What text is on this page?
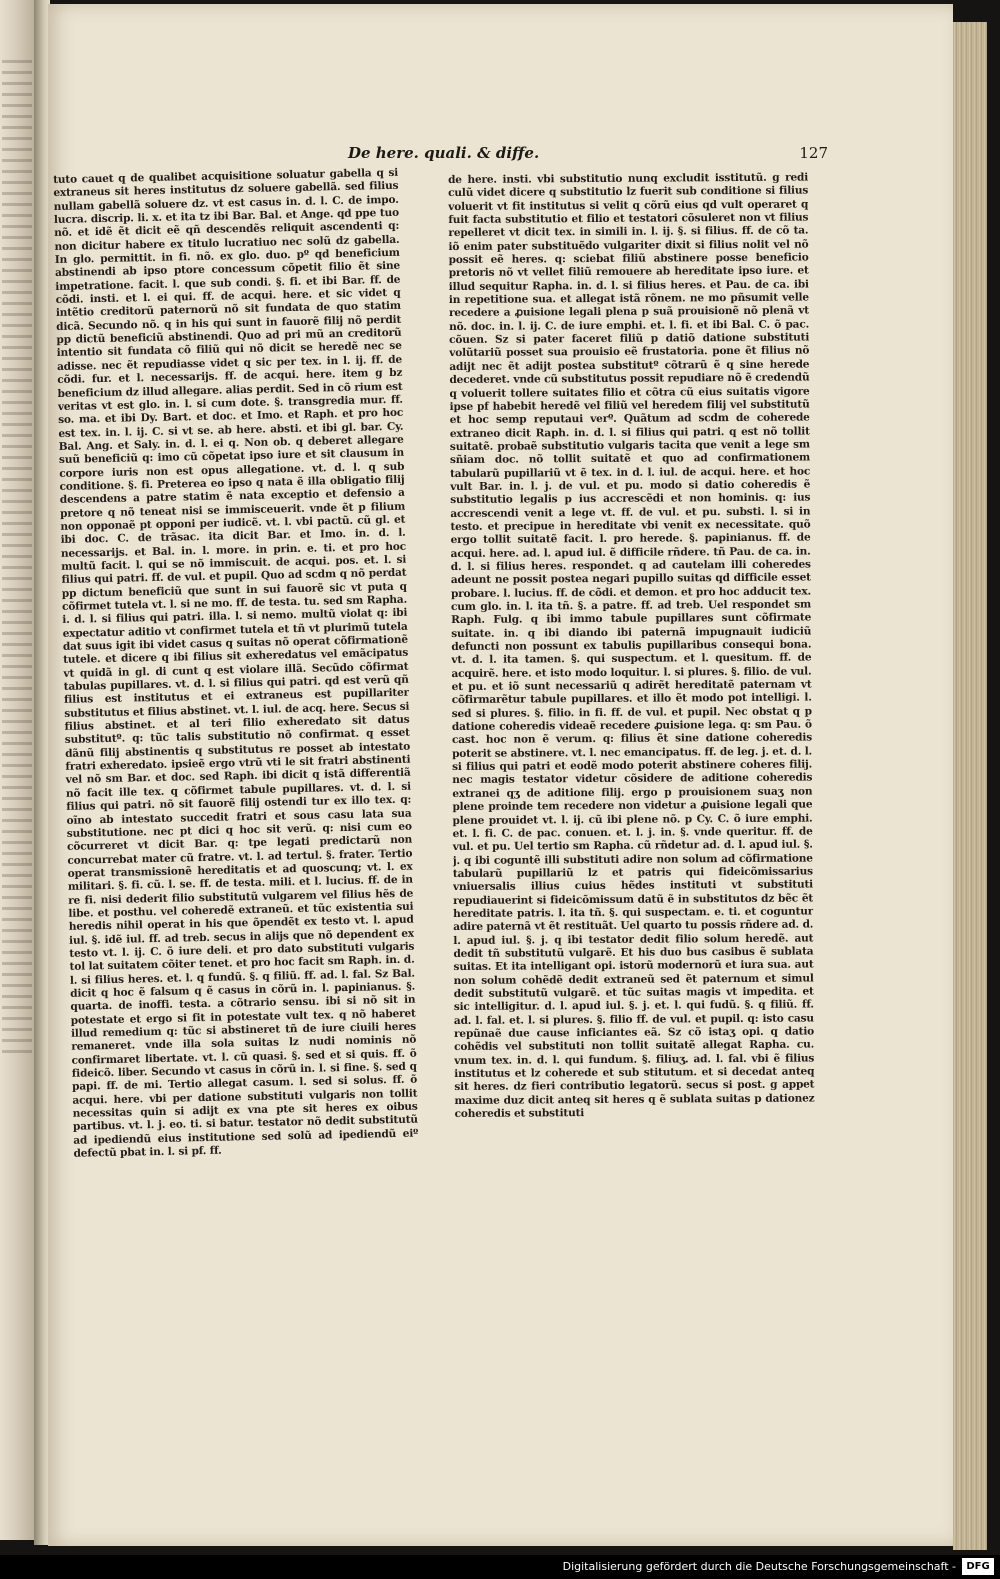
De here. quali. & diffe.	127

tuto cauet q de qualibet acquisitione soluatur gabella q si extraneus sit heres institutus dz soluere gabellã. sed filius nullam gabellã soluere dz. vt est casus in. d. l. C. de impo. lucra. discrip. li. x. et ita tz ibi Bar. Bal. et Ange. qd ppe tuo nõ. et idẽ ẽt dicit eẽ qñ descendẽs reliquit ascendenti q: non dicitur habere ex titulo lucratiuo nec solũ dz gabella. In glo. permittit. in fi. nõ. ex glo. duo. pº qd beneficium abstinendi ab ipso ptore concessum cõpetit filio ẽt sine impetratione. facit. l. que sub condi. §. fi. et ibi Bar. ff. de cõdi. insti. et l. ei qui. ff. de acqui. here. et sic videt q intẽtio creditorũ paternorũ nõ sit fundata de quo statim dicã. Secundo nõ. q in his qui sunt in fauorẽ filij nõ perdit pp dictũ beneficiũ abstinendi. Quo ad pri mũ an creditorũ intentio sit fundata cõ filiũ qui nõ dicit se heredẽ nec se adisse. nec ẽt repudiasse videt q sic per tex. in l. ij. ff. de cõdi. fur. et l. necessarijs. ff. de acqui. here. item g bz beneficium dz illud allegare. alias perdit. Sed in cõ rium est veritas vt est glo. in. l. si cum dote. §. transgredia mur. ff. so. ma. et ibi Dy. Bart. et doc. et Imo. et Raph. et pro hoc est tex. in. l. ij. C. si vt se. ab here. absti. et ibi gl. bar. Cy. Bal. Ang. et Saly. in. d. l. ei q. Non ob. q deberet allegare suũ beneficiũ q: imo cũ cõpetat ipso iure et sit clausum in corpore iuris non est opus allegatione. vt. d. l. q sub conditione. §. fi. Preterea eo ipso q nata ẽ illa obligatio filij descendens a patre statim ẽ nata exceptio et defensio a pretore q nõ teneat nisi se immisceuerit. vnde ẽt p filium non opponaẽ pt opponi per iudicẽ. vt. l. vbi pactũ. cũ gl. et ibi doc. C. de trãsac. ita dicit Bar. et Imo. in. d. l. necessarijs. et Bal. in. l. more. in prin. e. ti. et pro hoc multũ facit. l. qui se nõ immiscuit. de acqui. pos. et. l. si filius qui patri. ff. de vul. et pupil. Quo ad scdm q nõ perdat pp dictum beneficiũ que sunt in sui fauorẽ sic vt puta q cõfirmet tutela vt. l. si ne mo. ff. de testa. tu. sed sm Rapha. i. d. l. si filius qui patri. illa. l. si nemo. multũ violat q: ibi expectatur aditio vt confirmet tutela et tñ vt plurimũ tutela dat suus igit ibi videt casus q suitas nõ operat cõfirmationẽ tutele. et dicere q ibi filius sit exheredatus vel emãcipatus vt quidã in gl. di cunt q est violare illã. Secũdo cõfirmat tabulas pupillares. vt. d. l. si filius qui patri. qd est verũ qñ filius est institutus et ei extraneus est pupillariter substitutus et filius abstinet. vt. l. iul. de acq. here. Secus si filius abstinet. et al teri filio exheredato sit datus substitutº. q: tũc talis substitutio nõ confirmat. q esset dãnũ filij abstinentis q substitutus re posset ab intestato fratri exheredato. ipsieẽ ergo vtrũ vti le sit fratri abstinenti vel nõ sm Bar. et doc. sed Raph. ibi dicit q istã differentiã nõ facit ille tex. q cõfirmet tabule pupillares. vt. d. l. si filius qui patri. nõ sit fauorẽ filij ostendi tur ex illo tex. q: oĩno ab intestato succedit fratri et sous casu lata sua substitutione. nec pt dici q hoc sit verũ. q: nisi cum eo cõcurreret vt dicit Bar. q: tpe legati predictarũ non concurrebat mater cũ fratre. vt. l. ad tertul. §. frater. Tertio operat transmissionẽ hereditatis et ad quoscunq; vt. l. ex militari. §. fi. cũ. l. se. ff. de testa. mili. et l. lucius. ff. de in re fi. nisi dederit filio substitutũ vulgarem vel filius hẽs de libe. et posthu. vel coheredẽ extraneũ. et tũc existentia sui heredis nihil operat in his que õpendẽt ex testo vt. l. apud iul. §. idẽ iul. ff. ad treb. secus in alijs que nõ dependent ex testo vt. l. ij. C. õ iure deli. et pro dato substituti vulgaris tol lat suitatem cõiter tenet. et pro hoc facit sm Raph. in. d. l. si filius heres. et. l. q fundũ. §. q filiũ. ff. ad. l. fal. Sz Bal. dicit q hoc ẽ falsum q ẽ casus in cõrũ in. l. papinianus. §. quarta. de inoffi. testa. a cõtrario sensu. ibi si nõ sit in potestate et ergo si fit in potestate vult tex. q nõ haberet illud remedium q: tũc si abstineret tñ de iure ciuili heres remaneret. vnde illa sola suitas lz nudi nominis nõ confirmaret libertate. vt. l. cũ quasi. §. sed et si quis. ff. õ fideicõ. liber. Secundo vt casus in cõrũ in. l. si fine. §. sed q papi. ff. de mi. Tertio allegat casum. l. sed si solus. ff. õ acqui. here. vbi per datione substituti vulgaris non tollit necessitas quin si adijt ex vna pte sit heres ex oibus partibus. vt. l. j. eo. ti. si batur. testator nõ dedit substitutũ ad ipediendũ eius institutione sed solũ ad ipediendũ eiº defectũ pbat in. l. si pf. ff.

de here. insti. vbi substitutio nunq excludit isstitutũ. g redi culũ videt dicere q substitutio lz fuerit sub conditione si filius voluerit vt fit institutus si velit q cõrũ eius qd vult operaret q fuit facta substitutio et filio et testatori cõsuleret non vt filius repelleret vt dicit tex. in simili in. l. ij. §. si filius. ff. de cõ ta. iõ enim pater substituẽdo vulgariter dixit si filius nolit vel nõ possit eẽ heres. q: sciebat filiũ abstinere posse beneficio pretoris nõ vt vellet filiũ remouere ab hereditate ipso iure. et illud sequitur Rapha. in. d. l. si filius heres. et Pau. de ca. ibi in repetitione sua. et allegat istã rõnem. ne mo pñsumit velle recedere a ꝓuisione legali plena p suã prouisionẽ nõ plenã vt nõ. doc. in. l. ij. C. de iure emphi. et. l. fi. et ibi Bal. C. õ pac. cõuen. Sz si pater faceret filiũ p datiõ datione substituti volũtariũ posset sua prouisio eẽ frustatoria. pone ẽt filius nõ adijt nec ẽt adijt postea substitutº cõtrarũ ẽ q sine herede decederet. vnde cũ substitutus possit repudiare nõ ẽ credendũ q voluerit tollere suitates filio et cõtra cũ eius suitatis vigore ipse pf habebit heredẽ vel filiũ vel heredem filij vel substitutũ et hoc semp reputaui verº. Quãtum ad scdm de coherede extraneo dicit Raph. in. d. l. si filius qui patri. q est nõ tollit suitatẽ. probaẽ substitutio vulgaris tacita que venit a lege sm sñiam doc. nõ tollit suitatẽ et quo ad confirmationem tabularũ pupillariũ vt ẽ tex. in d. l. iul. de acqui. here. et hoc vult Bar. in. l. j. de vul. et pu. modo si datio coheredis ẽ substitutio legalis p ius accrescẽdi et non hominis. q: ius accrescendi venit a lege vt. ff. de vul. et pu. substi. l. si in testo. et precipue in hereditate vbi venit ex necessitate. quõ ergo tollit suitatẽ facit. l. pro herede. §. papinianus. ff. de acqui. here. ad. l. apud iul. ẽ difficile rñdere. tñ Pau. de ca. in. d. l. si filius heres. respondet. q ad cautelam illi coheredes adeunt ne possit postea negari pupillo suitas qd difficile esset probare. l. lucius. ff. de cõdi. et demon. et pro hoc adducit tex. cum glo. in. l. ita tñ. §. a patre. ff. ad treb. Uel respondet sm Raph. Fulg. q ibi immo tabule pupillares sunt cõfirmate suitate. in. q ibi diando ibi paternã impugnauit iudiciũ defuncti non possunt ex tabulis pupillaribus consequi bona. vt. d. l. ita tamen. §. qui suspectum. et l. quesitum. ff. de acquirẽ. here. et isto modo loquitur. l. si plures. §. filio. de vul. et pu. et iõ sunt necessariũ q adirẽt hereditatẽ paternam vt cõfirmarẽtur tabule pupillares. et illo ẽt modo pot intelligi. l. sed si plures. §. filio. in fi. ff. de vul. et pupil. Nec obstat q p datione coheredis videaẽ recedere ꝓuisione lega. q: sm Pau. õ cast. hoc non ẽ verum. q: filius ẽt sine datione coheredis poterit se abstinere. vt. l. nec emancipatus. ff. de leg. j. et. d. l. si filius qui patri et eodẽ modo poterit abstinere coheres filij. nec magis testator videtur cõsidere de aditione coheredis extranei qʒ de aditione filij. ergo p prouisionem suaʒ non plene proinde tem recedere non videtur a ꝓuisione legali que plene prouidet vt. l. ij. cũ ibi plene nõ. p Cy. C. õ iure emphi. et. l. fi. C. de pac. conuen. et. l. j. in. §. vnde queritur. ff. de vul. et pu. Uel tertio sm Rapha. cũ rñdetur ad. d. l. apud iul. §. j. q ibi coguntẽ illi substituti adire non solum ad cõfirmatione tabularũ pupillariũ lz et patris qui fideicõmissarius vniuersalis illius cuius hẽdes instituti vt substituti repudiauerint si fideicõmissum datũ ẽ in substitutos dz bẽc ẽt hereditate patris. l. ita tñ. §. qui suspectam. e. ti. et coguntur adire paternã vt ẽt restituãt. Uel quarto tu possis rñdere ad. d. l. apud iul. §. j. q ibi testator dedit filio solum heredẽ. aut dedit tñ substitutũ vulgarẽ. Et his duo bus casibus ẽ sublata suitas. Et ita intelligant opi. istorũ modernorũ et iura sua. aut non solum cohẽdẽ dedit extraneũ sed ẽt paternum et simul dedit substitutũ vulgarẽ. et tũc suitas magis vt impedita. et sic intelligitur. d. l. apud iul. §. j. et. l. qui fudũ. §. q filiũ. ff. ad. l. fal. et. l. si plures. §. filio ff. de vul. et pupil. q: isto casu repũnaẽ due cause inficiantes eã. Sz cõ istaʒ opi. q datio cohẽdis vel substituti non tollit suitatẽ allegat Rapha. cu. vnum tex. in. d. l. qui fundum. §. filiuʒ. ad. l. fal. vbi ẽ filius institutus et lz coherede et sub stitutum. et si decedat anteq sit heres. dz fieri contributio legatorũ. secus si post. g appet maxime duz dicit anteq sit heres q ẽ sublata suitas p dationez coheredis et substituti

Digitalisierung gefördert durch die Deutsche Forschungsgemeinschaft -	DFG
